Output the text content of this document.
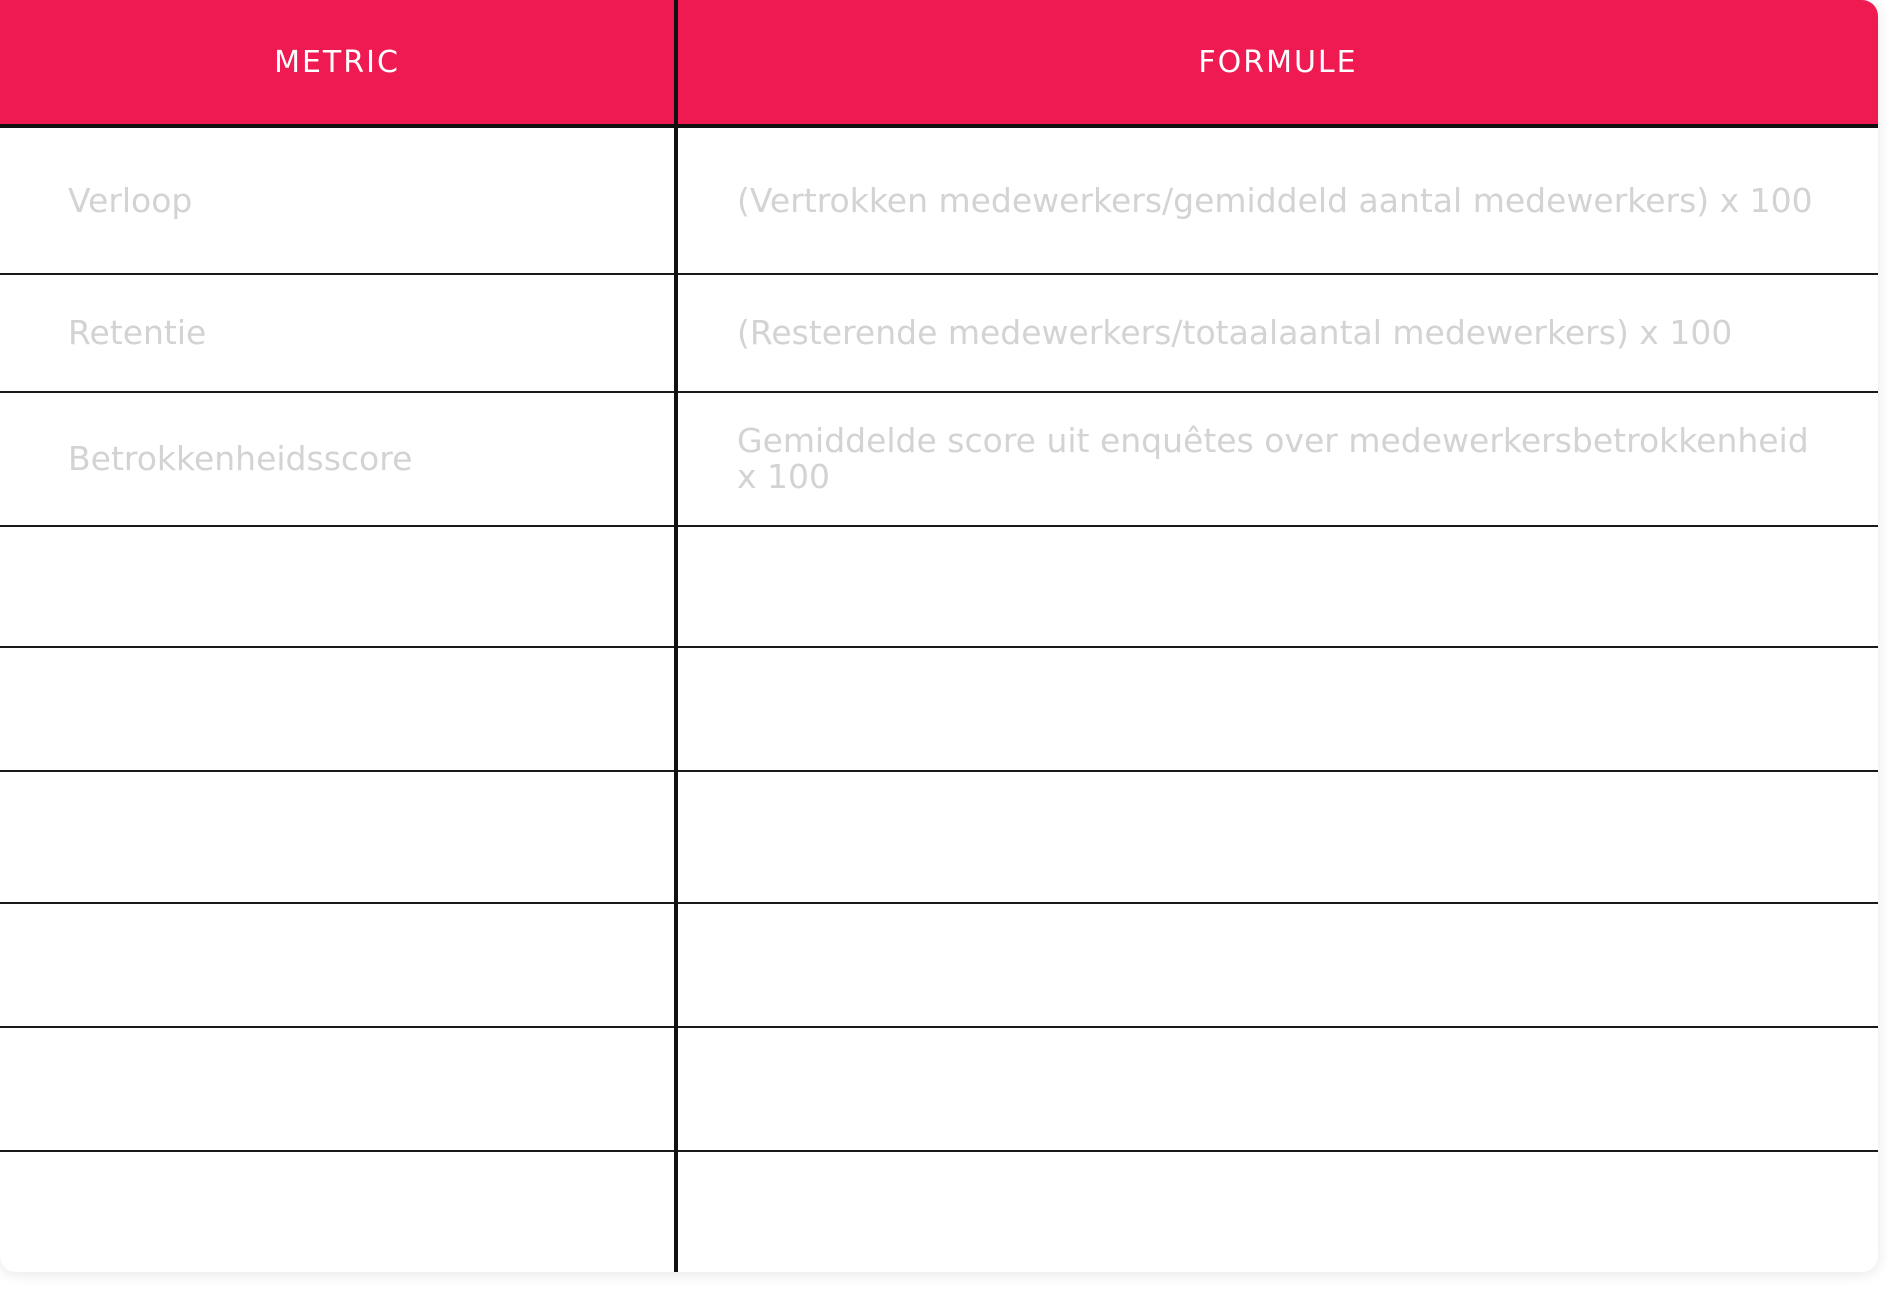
METRIC	FORMULE
Verloop	(Vertrokken medewerkers/gemiddeld aantal medewerkers) x 100
Retentie	(Resterende medewerkers/totaalaantal medewerkers) x 100
Betrokkenheidsscore	Gemiddelde score uit enquêtes over medewerkersbetrokkenheid x 100
